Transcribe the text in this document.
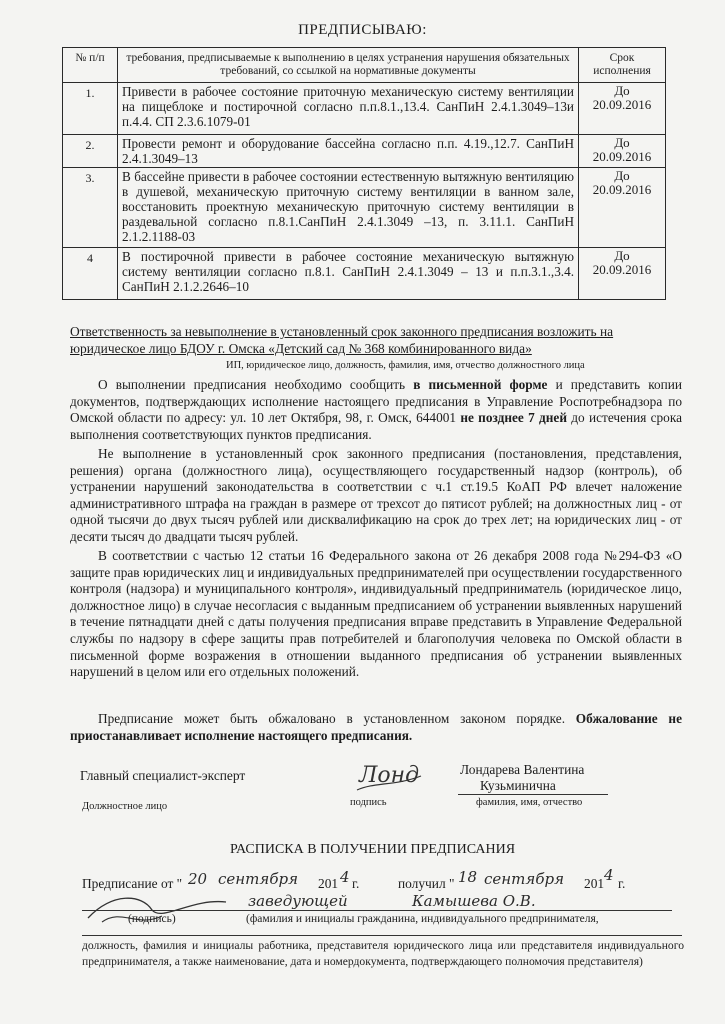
ПРЕДПИСЫВАЮ:
№ п/п	требования, предписываемые к выполнению в целях устранения нарушения обязательных требований, со ссылкой на нормативные документы	Срок исполнения
1.	Привести в рабочее состояние приточную механическую систему вентиляции на пищеблоке и постирочной согласно п.п.8.1.,13.4. СанПиН 2.4.1.3049–13и п.4.4. СП 2.3.6.1079-01	До
20.09.2016
2.	Провести ремонт и оборудование бассейна согласно п.п. 4.19.,12.7. СанПиН 2.4.1.3049–13	До
20.09.2016
3.	В бассейне привести в рабочее состоянии естественную вытяжную вентиляцию в душевой, механическую приточную систему вентиляции в ванном зале, восстановить проектную механическую приточную систему вентиляции в раздевальной согласно п.8.1.СанПиН 2.4.1.3049 –13, п. 3.11.1. СанПиН 2.1.2.1188-03	До
20.09.2016
4	В постирочной привести в рабочее состояние механическую вытяжную систему вентиляции согласно п.8.1. СанПиН 2.4.1.3049 – 13 и п.п.3.1.,3.4. СанПиН 2.1.2.2646–10	До
20.09.2016
Ответственность за невыполнение в установленный срок законного предписания возложить на
юридическое лицо БДОУ г. Омска «Детский сад № 368 комбинированного вида»
ИП, юридическое лицо, должность, фамилия, имя, отчество должностного лица

О выполнении предписания необходимо сообщить в письменной форме и представить копии документов, подтверждающих исполнение настоящего предписания в Управление Роспотребнадзора по Омской области по адресу: ул. 10 лет Октября, 98, г. Омск, 644001 не позднее 7 дней до истечения срока выполнения соответствующих пунктов предписания.

Не выполнение в установленный срок законного предписания (постановления, представления, решения) органа (должностного лица), осуществляющего государственный надзор (контроль), об устранении нарушений законодательства в соответствии с ч.1 ст.19.5 КоАП РФ влечет наложение административного штрафа на граждан в размере от трехсот до пятисот рублей; на должностных лиц - от одной тысячи до двух тысяч рублей или дисквалификацию на срок до трех лет; на юридических лиц - от десяти тысяч до двадцати тысяч рублей.

В соответствии с частью 12 статьи 16 Федерального закона от 26 декабря 2008 года №294-ФЗ «О защите прав юридических лиц и индивидуальных предпринимателей при осуществлении государственного контроля (надзора) и муниципального контроля», индивидуальный предприниматель (юридическое лицо, должностное лицо) в случае несогласия с выданным предписанием об устранении выявленных нарушений в течение пятнадцати дней с даты получения предписания вправе представить в Управление Федеральной службы по надзору в сфере защиты прав потребителей и благополучия человека по Омской области в письменной форме возражения в отношении выданного предписания об устранении выявленных нарушений в целом или его отдельных положений.

Предписание может быть обжаловано в установленном законом порядке. Обжалование не приостанавливает исполнение настоящего предписания.

Главный специалист-эксперт	Лондарева Валентина
Кузьминична
Должностное лицо	подпись	фамилия, имя, отчество
Лонд
РАСПИСКА В ПОЛУЧЕНИИ ПРЕДПИСАНИЯ
Предписание от " 20 сентября 201 4 г.	получил " 18 сентября 201 4 г.
заведующей	Камышева О.В.
(подпись)	(фамилия и инициалы гражданина, индивидуального предпринимателя,
должность, фамилия и инициалы работника, представителя юридического лица или представителя индивидуального предпринимателя, а также наименование, дата и номердокумента, подтверждающего полномочия представителя)
